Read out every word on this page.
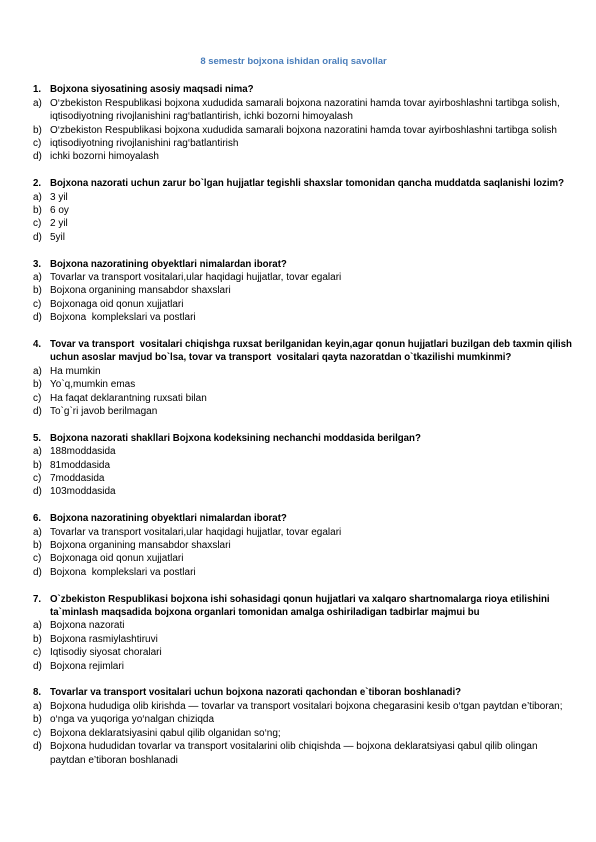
8 semestr bojxona ishidan oraliq savollar
1. Bojxona siyosatining asosiy maqsadi nima?
a) O‘zbekiston Respublikasi bojxona xududida samarali bojxona nazoratini hamda tovar ayirboshlashni tartibga solish, iqtisodiyotning rivojlanishini rag‘batlantirish, ichki bozorni himoyalash
b) O‘zbekiston Respublikasi bojxona xududida samarali bojxona nazoratini hamda tovar ayirboshlashni tartibga solish
c) iqtisodiyotning rivojlanishini rag‘batlantirish
d) ichki bozorni himoyalash
2. Bojxona nazorati uchun zarur bo`lgan hujjatlar tegishli shaxslar tomonidan qancha muddatda saqlanishi lozim?
a) 3 yil
b) 6 oy
c) 2 yil
d) 5yil
3. Bojxona nazoratining obyektlari nimalardan iborat?
a) Tovarlar va transport vositalari,ular haqidagi hujjatlar, tovar egalari
b) Bojxona organining mansabdor shaxslari
c) Bojxonaga oid qonun xujjatlari
d) Bojxona  komplekslari va postlari
4. Tovar va transport  vositalari chiqishga ruxsat berilganidan keyin,agar qonun hujjatlari buzilgan deb taxmin qilish uchun asoslar mavjud bo`lsa, tovar va transport  vositalari qayta nazoratdan o`tkazilishi mumkinmi?
a) Ha mumkin
b) Yo`q,mumkin emas
c) Ha faqat deklarantning ruxsati bilan
d) To`g`ri javob berilmagan
5. Bojxona nazorati shakllari Bojxona kodeksining nechanchi moddasida berilgan?
a) 188moddasida
b) 81moddasida
c) 7moddasida
d) 103moddasida
6. Bojxona nazoratining obyektlari nimalardan iborat?
a) Tovarlar va transport vositalari,ular haqidagi hujjatlar, tovar egalari
b) Bojxona organining mansabdor shaxslari
c) Bojxonaga oid qonun xujjatlari
d) Bojxona  komplekslari va postlari
7. O`zbekiston Respublikasi bojxona ishi sohasidagi qonun hujjatlari va xalqaro shartnomalarga rioya etilishini ta`minlash maqsadida bojxona organlari tomonidan amalga oshiriladigan tadbirlar majmui bu
a) Bojxona nazorati
b) Bojxona rasmiylashtiruvi
c) Iqtisodiy siyosat choralari
d) Bojxona rejimlari
8. Tovarlar va transport vositalari uchun bojxona nazorati qachondan e`tiboran boshlanadi?
a) Bojxona hududiga olib kirishda — tovarlar va transport vositalari bojxona chegarasini kesib o‘tgan paytdan e’tiboran;
b) o‘nga va yuqoriga yo‘nalgan chiziqda
c) Bojxona deklaratsiyasini qabul qilib olganidan so‘ng;
d) Bojxona hududidan tovarlar va transport vositalarini olib chiqishda — bojxona deklaratsiyasi qabul qilib olingan paytdan e’tiboran boshlanadi
